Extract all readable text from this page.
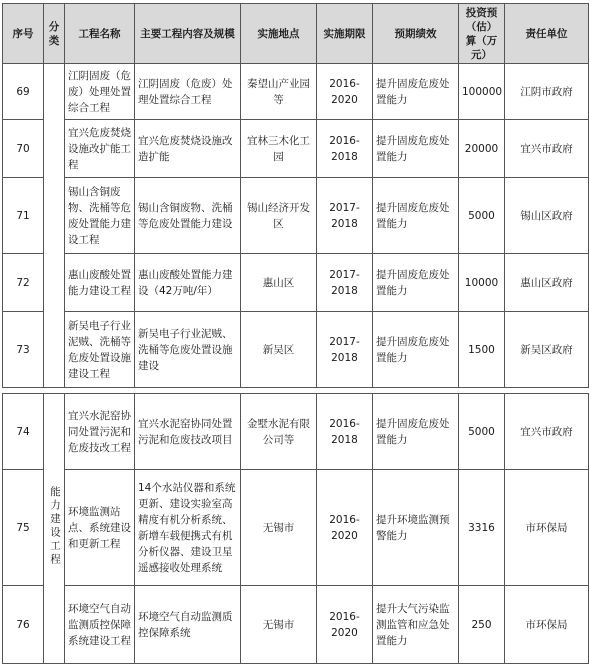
序号	分类	工程名称	主要工程内容及规模	实施地点	实施期限	预期绩效	投资预（估）算（万元）	责任单位
69		江阴固废（危废）处理处置综合工程	江阴固废（危废）处理处置综合工程	秦望山产业园等	2016-2020	提升固废危废处置能力	100000	江阴市政府
70		宜兴危废焚烧设施改扩能工程	宜兴危废焚烧设施改造扩能	宜林三木化工园	2016-2018	提升固废危废处置能力	20000	宜兴市政府
71		锡山含铜废物、洗桶等危废处置能力建设工程	锡山含铜废物、洗桶等危废处置能力建设	锡山经济开发区	2017-2018	提升固废危废处置能力	5000	锡山区政府
72		惠山废酸处置能力建设工程	惠山废酸处置能力建设（42万吨/年）	惠山区	2017-2018	提升固废危废处置能力	10000	惠山区政府
73		新吴电子行业泥贼、洗桶等危废处置设施建设工程	新吴电子行业泥贼、洗桶等危废处置设施建设	新吴区	2017-2018	提升固废危废处置能力	1500	新吴区政府

74	能力建设工程	宜兴水泥窑协同处置污泥和危废技改工程	宜兴水泥窑协同处置污泥和危废技改项目	金墅水泥有限公司等	2016-2018	提升固废危废处置能力	5000	宜兴市政府
75		环境监测站点、系统建设和更新工程	14个水站仪器和系统更新、建设实验室高精度有机分析系统、新增车载便携式有机分析仪器、建设卫星遥感接收处理系统	无锡市	2016-2020	提升环境监测预警能力	3316	市环保局
76		环境空气自动监测质控保障系统建设工程	环境空气自动监测质控保障系统	无锡市	2016-2020	提升大气污染监测监管和应急处置能力	250	市环保局
